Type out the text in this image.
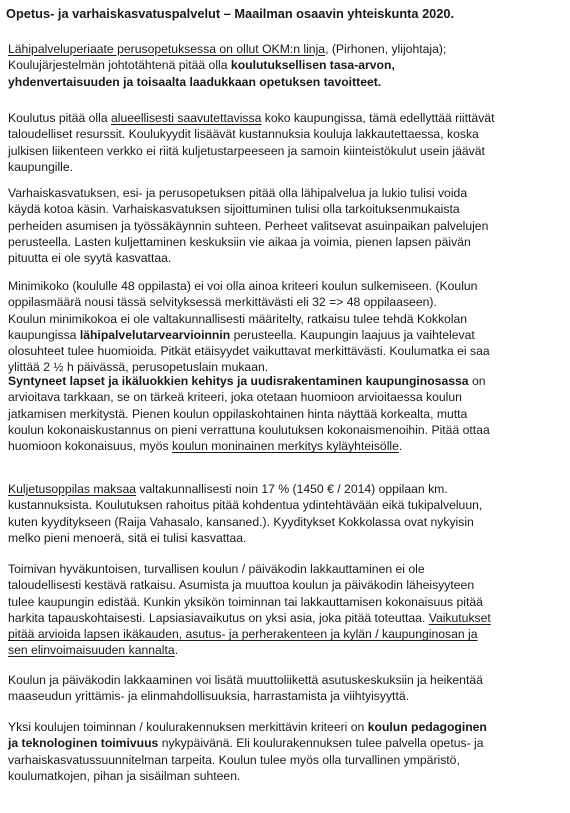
Opetus- ja varhaiskasvatuspalvelut – Maailman osaavin yhteiskunta 2020.
Lähipalveluperiaate perusopetuksessa on ollut OKM:n linja, (Pirhonen, ylijohtaja);
Koulujärjestelmän johtotähtenä pitää olla koulutuksellisen tasa-arvon,
yhdenvertaisuuden ja toisaalta laadukkaan opetuksen tavoitteet.
Koulutus pitää olla alueellisesti saavutettavissa koko kaupungissa, tämä edellyttää riittävät
taloudelliset resurssit. Koulukyydit lisäävät kustannuksia kouluja lakkautettaessa, koska
julkisen liikenteen verkko ei riitä kuljetustarpeeseen ja samoin kiinteistökulut usein jäävät
kaupungille.
Varhaiskasvatuksen, esi- ja perusopetuksen pitää olla lähipalvelua ja lukio tulisi voida
käydä kotoa käsin. Varhaiskasvatuksen sijoittuminen tulisi olla tarkoituksenmukaista
perheiden asumisen ja työssäkäynnin suhteen. Perheet valitsevat asuinpaikan palvelujen
perusteella. Lasten kuljettaminen keskuksiin vie aikaa ja voimia, pienen lapsen päivän
pituutta ei ole syytä kasvattaa.
Minimikoko (koululle 48 oppilasta) ei voi olla ainoa kriteeri koulun sulkemiseen. (Koulun
oppilasmäärä nousi tässä selvityksessä merkittävästi eli 32 => 48 oppilaaseen).
Koulun minimikokoa ei ole valtakunnallisesti määritelty, ratkaisu tulee tehdä Kokkolan
kaupungissa lähipalvelutarvearvioinnin perusteella. Kaupungin laajuus ja vaihtelevat
olosuhteet tulee huomioida. Pitkät etäisyydet vaikuttavat merkittävästi. Koulumatka ei saa
ylittää 2 ½ h päivässä, perusopetuslain mukaan.
Syntyneet lapset ja ikäluokkien kehitys ja uudisrakentaminen kaupunginosassa on
arvioitava tarkkaan, se on tärkeä kriteeri, joka otetaan huomioon arvioitaessa koulun
jatkamisen merkitystä. Pienen koulun oppilaskohtainen hinta näyttää korkealta, mutta
koulun kokonaiskustannus on pieni verrattuna koulutuksen kokonaismenoihin. Pitää ottaa
huomioon kokonaisuus, myös koulun moninainen merkitys kyläyhteisölle.
Kuljetusoppilas maksaa valtakunnallisesti noin 17 % (1450 € / 2014) oppilaan km.
kustannuksista. Koulutuksen rahoitus pitää kohdentua ydintehtävään eikä tukipalveluun,
kuten kyyditykseen (Raija Vahasalo, kansaned.). Kyyditykset Kokkolassa ovat nykyisin
melko pieni menoerä, sitä ei tulisi kasvattaa.
Toimivan hyväkuntoisen, turvallisen koulun / päiväkodin lakkauttaminen ei ole
taloudellisesti kestävä ratkaisu. Asumista ja muuttoa koulun ja päiväkodin läheisyyteen
tulee kaupungin edistää. Kunkin yksikön toiminnan tai lakkauttamisen kokonaisuus pitää
harkita tapauskohtaisesti. Lapsiasiavaikutus on yksi asia, joka pitää toteuttaa. Vaikutukset
pitää arvioida lapsen ikäkauden, asutus- ja perherakenteen ja kylän / kaupunginosan ja
sen elinvoimaisuuden kannalta.
Koulun ja päiväkodin lakkaaminen voi lisätä muuttoliikettä asutuskeskuksiin ja heikentää
maaseudun yrittämis- ja elinmahdollisuuksia, harrastamista ja viihtyisyyttä.
Yksi koulujen toiminnan / koulurakennuksen merkittävin kriteeri on koulun pedagoginen
ja teknologinen toimivuus nykypäivänä. Eli koulurakennuksen tulee palvella opetus- ja
varhaiskasvatussuunnitelman tarpeita. Koulun tulee myös olla turvallinen ympäristö,
koulumatkojen, pihan ja sisäilman suhteen.
